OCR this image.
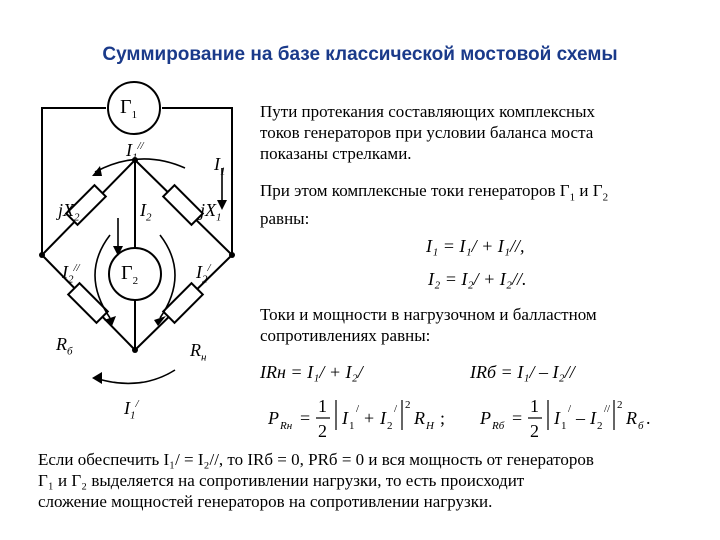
Суммирование на базе классической мостовой схемы
$Г_1$
$Г_2$
$I_1^{//}$
$I_1$
$I_2$
$jX_2$	$jX_1$
$I_2^{//}$	$I_2^/$
$R_б$	$R_н$
$I_1^/$
Пути протекания составляющих комплексных
токов генераторов при условии баланса моста
показаны стрелками.
При этом комплексные токи генераторов $Г_1$ и $Г_2$
равны:
I₁ = I₁/ + I₁//,
I₂ = I₂/ + I₂//.
Токи и мощности в нагрузочном и балластном
сопротивлениях равны:
IRн = I₁/ + I₂/	IRб = I₁/ – I₂//
P Rн =
1
2
I 1
/ + I 2
/ 2
R H ; P Rб =
1
2
I 1
/ – I 2
// 2
R б .
Если обеспечить I₁/ = I₂//, то IRб = 0, PRб = 0 и вся мощность от генераторов
Г₁ и Г₂ выделяется на сопротивлении нагрузки, то есть происходит
сложение мощностей генераторов на сопротивлении нагрузки.
